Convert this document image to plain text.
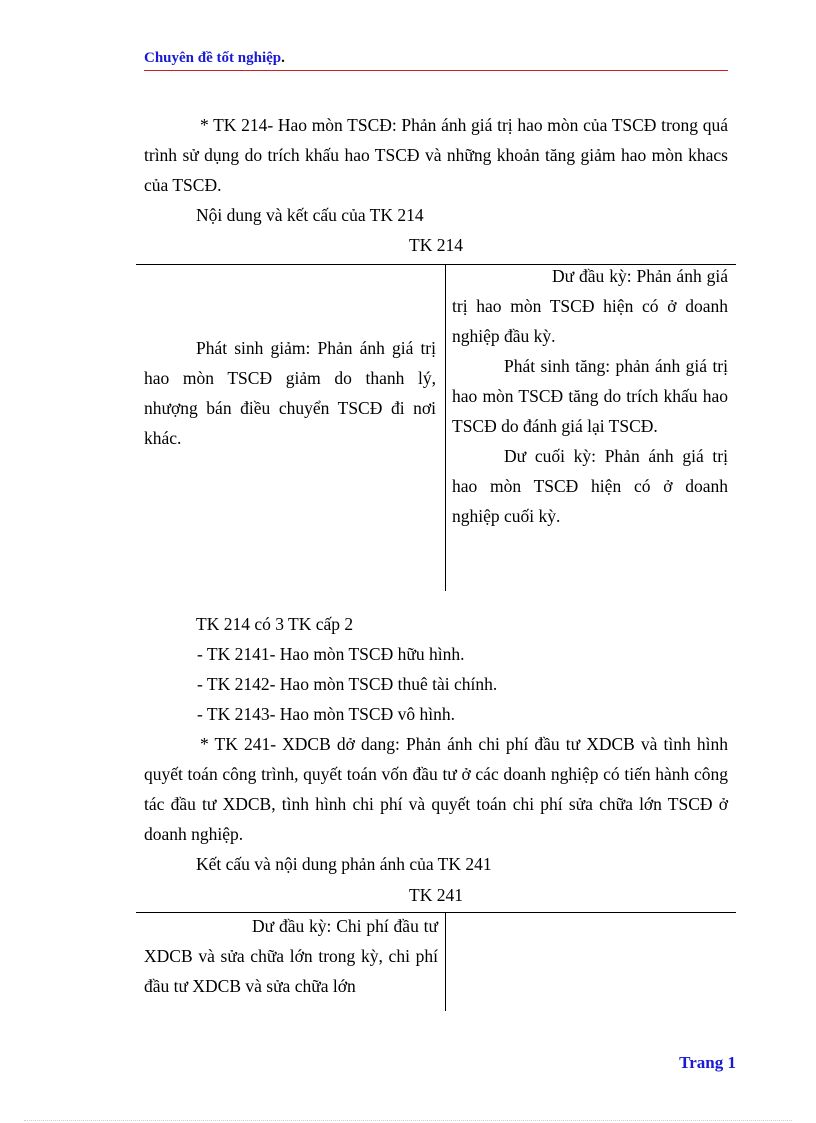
Chuyên đề tốt nghiệp.
* TK 214- Hao mòn TSCĐ: Phản ánh giá trị hao mòn của TSCĐ trong quá trình sử dụng do trích khấu hao TSCĐ và những khoản tăng giảm hao mòn khacs của TSCĐ.
Nội dung và kết cấu của TK 214
TK 214
Phát sinh giảm: Phản ánh giá trị hao mòn TSCĐ giảm do thanh lý, nhượng bán điều chuyển TSCĐ đi nơi khác.
Dư đầu kỳ: Phản ánh giá trị hao mòn TSCĐ hiện có ở doanh nghiệp đầu kỳ.
Phát sinh tăng: phản ánh giá trị hao mòn TSCĐ tăng do trích khấu hao TSCĐ do đánh giá lại TSCĐ.
Dư cuối kỳ: Phản ánh giá trị hao mòn TSCĐ hiện có ở doanh nghiệp cuối kỳ.
TK 214 có 3 TK cấp 2
- TK 2141- Hao mòn TSCĐ hữu hình.
- TK 2142- Hao mòn TSCĐ thuê tài chính.
- TK 2143- Hao mòn TSCĐ vô hình.
* TK 241- XDCB dở dang: Phản ánh chi phí đầu tư XDCB và tình hình quyết toán công trình, quyết toán vốn đầu tư ở các doanh nghiệp có tiến hành công tác đầu tư XDCB, tình hình chi phí và quyết toán chi phí sửa chữa lớn TSCĐ ở doanh nghiệp.
Kết cấu và nội dung phản ánh của TK 241
TK 241
Dư đầu kỳ: Chi phí đầu tư XDCB và sửa chữa lớn trong kỳ, chi phí đầu tư XDCB và sửa chữa lớn
Trang 1
